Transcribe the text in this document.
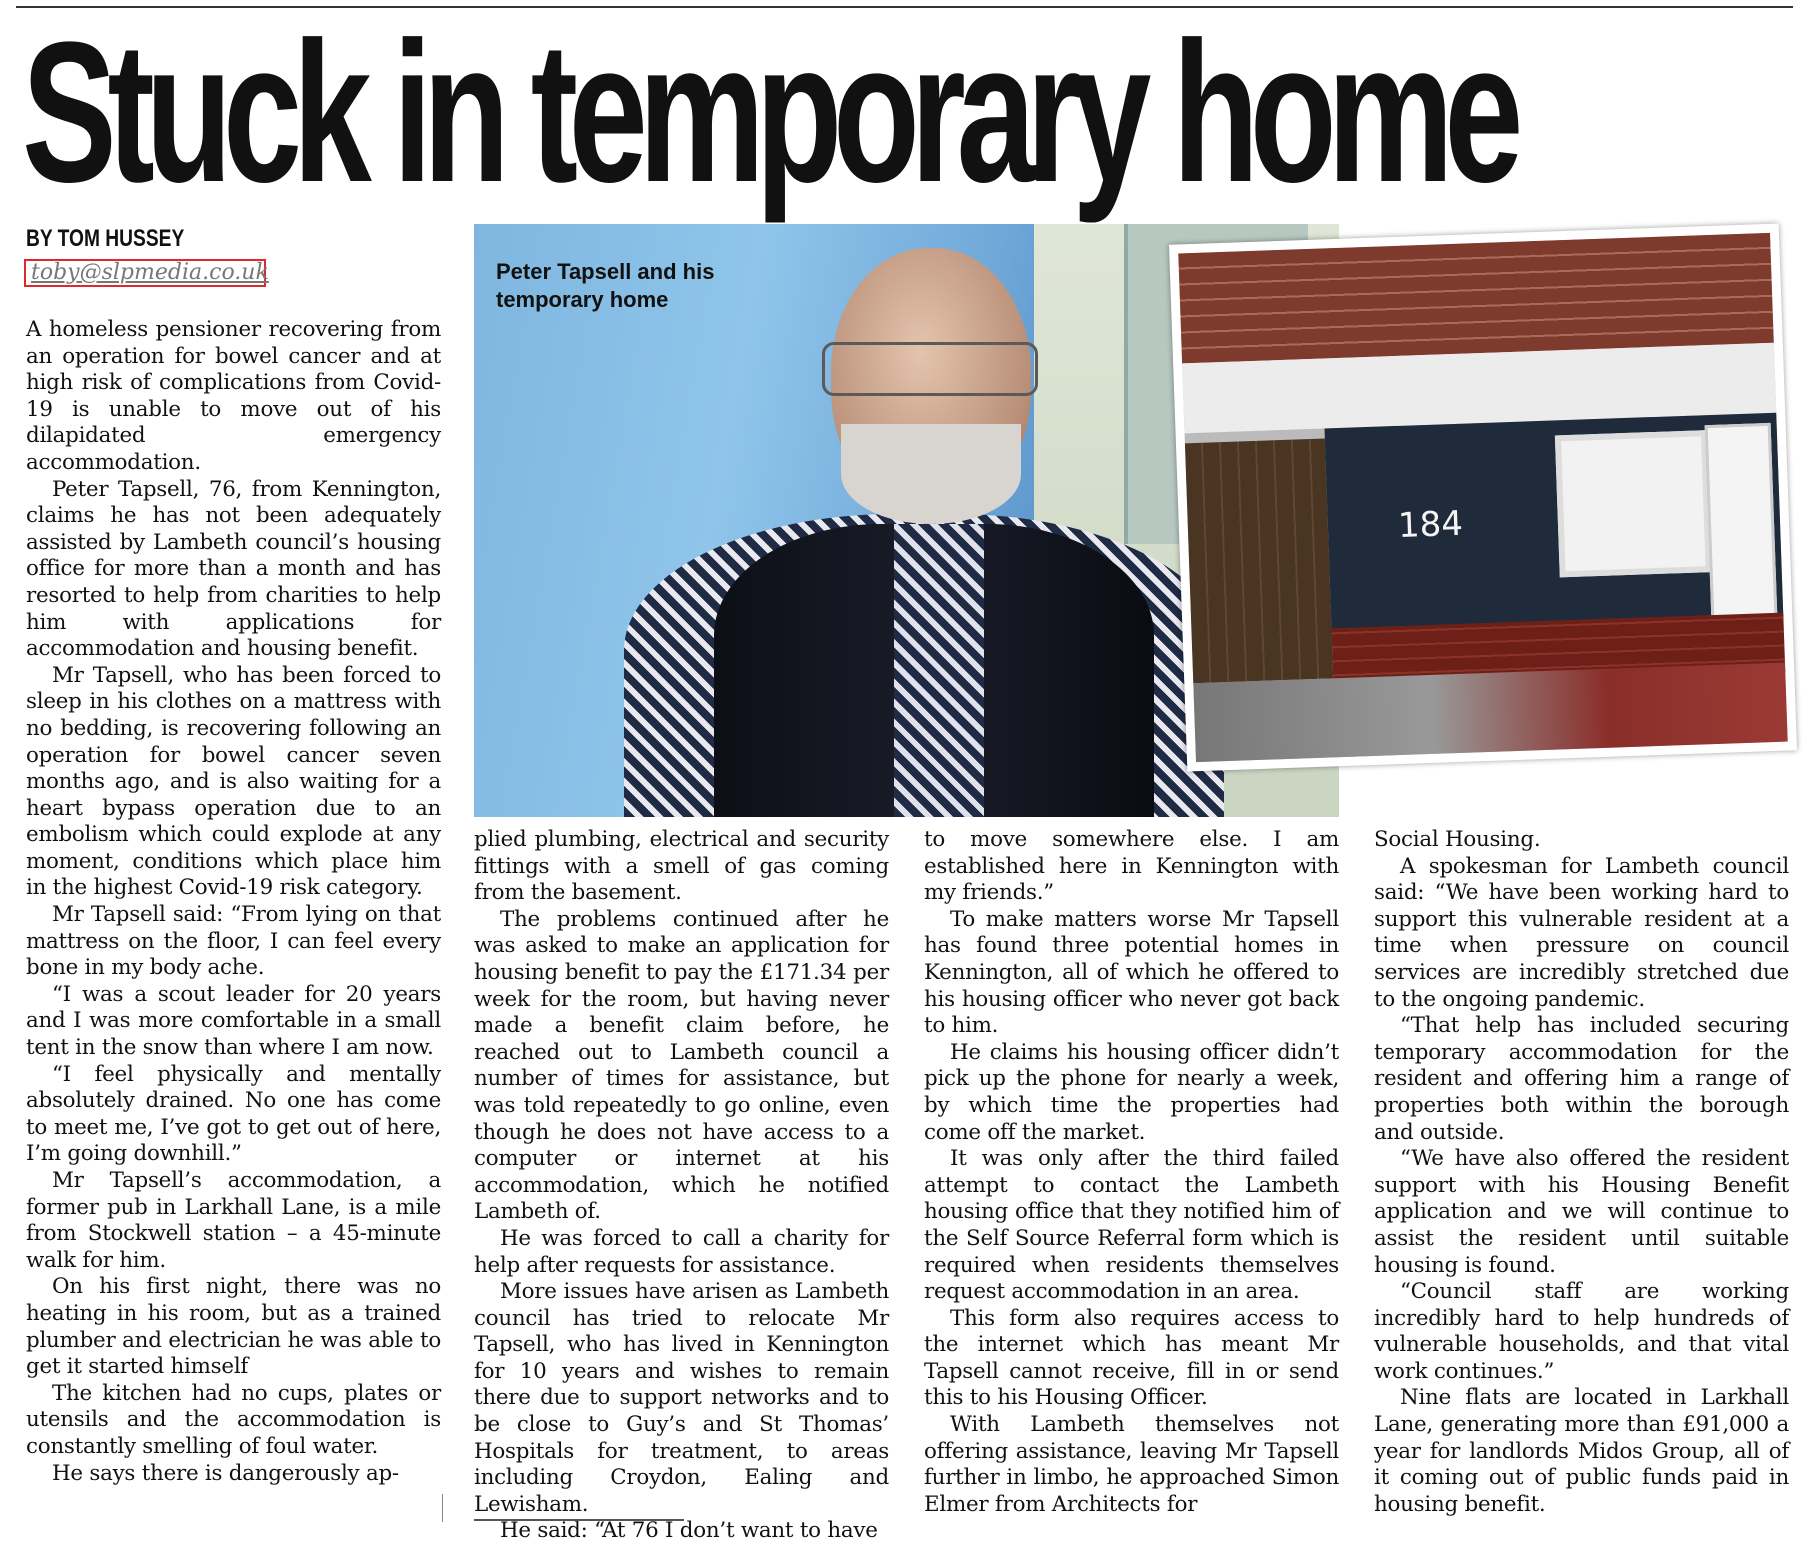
Stuck in temporary home
BY TOM HUSSEY
toby@slpmedia.co.uk

A homeless pensioner recovering from an operation for bowel cancer and at high risk of complications from Covid-19 is unable to move out of his dilapidated emergency accommodation.

Peter Tapsell, 76, from Kennington, claims he has not been adequately assisted by Lambeth council’s housing office for more than a month and has resorted to help from charities to help him with applications for accommodation and housing benefit.

Mr Tapsell, who has been forced to sleep in his clothes on a mattress with no bedding, is recovering following an operation for bowel cancer seven months ago, and is also waiting for a heart bypass operation due to an embolism which could explode at any moment, conditions which place him in the highest Covid-19 risk category.

Mr Tapsell said: “From lying on that mattress on the floor, I can feel every bone in my body ache.

“I was a scout leader for 20 years and I was more comfortable in a small tent in the snow than where I am now.

“I feel physically and mentally absolutely drained. No one has come to meet me, I’ve got to get out of here, I’m going downhill.”

Mr Tapsell’s accommodation, a former pub in Larkhall Lane, is a mile from Stockwell station – a 45-minute walk for him.

On his first night, there was no heating in his room, but as a trained plumber and electrician he was able to get it started himself

The kitchen had no cups, plates or utensils and the accommodation is constantly smelling of foul water.

He says there is dangerously ap-

Peter Tapsell and his temporary home

184

plied plumbing, electrical and security fittings with a smell of gas coming from the basement.

The problems continued after he was asked to make an application for housing benefit to pay the £171.34 per week for the room, but having never made a benefit claim before, he reached out to Lambeth council a number of times for assistance, but was told repeatedly to go online, even though he does not have access to a computer or internet at his accommodation, which he notified Lambeth of.

He was forced to call a charity for help after requests for assistance.

More issues have arisen as Lambeth council has tried to relocate Mr Tapsell, who has lived in Kennington for 10 years and wishes to remain there due to support networks and to be close to Guy’s and St Thomas’ Hospitals for treatment, to areas including Croydon, Ealing and Lewisham.

He said: “At 76 I don’t want to have

to move somewhere else. I am established here in Kennington with my friends.”

To make matters worse Mr Tapsell has found three potential homes in Kennington, all of which he offered to his housing officer who never got back to him.

He claims his housing officer didn’t pick up the phone for nearly a week, by which time the properties had come off the market.

It was only after the third failed attempt to contact the Lambeth housing office that they notified him of the Self Source Referral form which is required when residents themselves request accommodation in an area.

This form also requires access to the internet which has meant Mr Tapsell cannot receive, fill in or send this to his Housing Officer.

With Lambeth themselves not offering assistance, leaving Mr Tapsell further in limbo, he approached Simon Elmer from Architects for

Social Housing.

A spokesman for Lambeth council said: “We have been working hard to support this vulnerable resident at a time when pressure on council services are incredibly stretched due to the ongoing pandemic.

“That help has included securing temporary accommodation for the resident and offering him a range of properties both within the borough and outside.

“We have also offered the resident support with his Housing Benefit application and we will continue to assist the resident until suitable housing is found.

“Council staff are working incredibly hard to help hundreds of vulnerable households, and that vital work continues.”

Nine flats are located in Larkhall Lane, generating more than £91,000 a year for landlords Midos Group, all of it coming out of public funds paid in housing benefit.
